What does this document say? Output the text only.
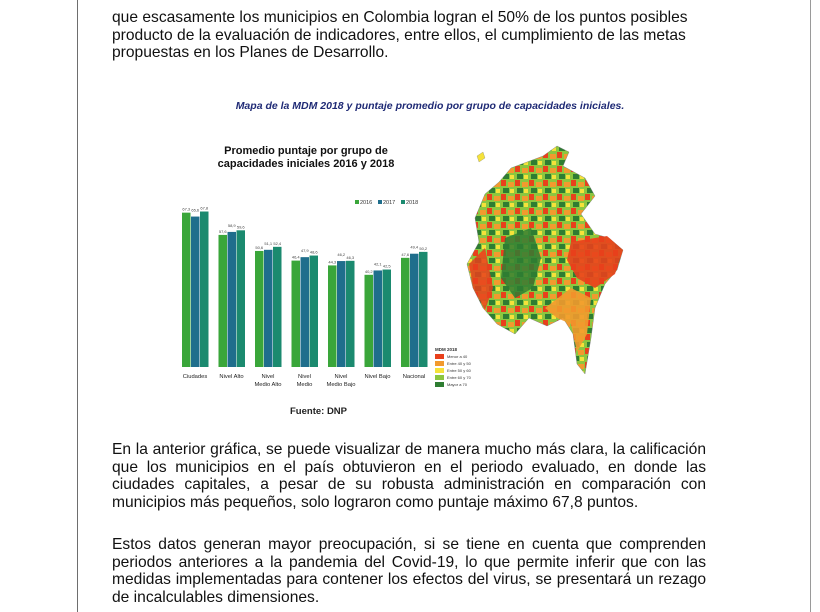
que escasamente los municipios en Colombia logran el 50% de los puntos posibles producto de la evaluación de indicadores, entre ellos, el cumplimiento de las metas propuestas en los Planes de Desarrollo.

Mapa de la MDM 2018 y puntaje promedio por grupo de capacidades iniciales.

Promedio puntaje por grupo de
capacidades iniciales 2016 y 2018
2016 2017 2018
67,3 65,6 67,8
Ciudades
57,6
58,9 59,6
Nivel Alto
50,6
51,1 52,4
Nivel
Medio Alto
46,4
47,9 48,6
Nivel
Medio
44,3
46,2
46,3
Nivel
Medio Bajo
40,2
42,1 42,5
Nivel Bajo
47,6
49,4 50,2
Nacional

Fuente: DNP

MDM 2018
Menor a 40
Entre 40 y 50
Entre 50 y 60
Entre 60 y 70
Mayor a 70

En la anterior gráfica, se puede visualizar de manera mucho más clara, la calificación que los municipios en el país obtuvieron en el periodo evaluado, en donde las ciudades capitales, a pesar de su robusta administración en comparación con municipios más pequeños, solo lograron como puntaje máximo 67,8 puntos.

Estos datos generan mayor preocupación, si se tiene en cuenta que comprenden periodos anteriores a la pandemia del Covid-19, lo que permite inferir que con las medidas implementadas para contener los efectos del virus, se presentará un rezago de incalculables dimensiones.
